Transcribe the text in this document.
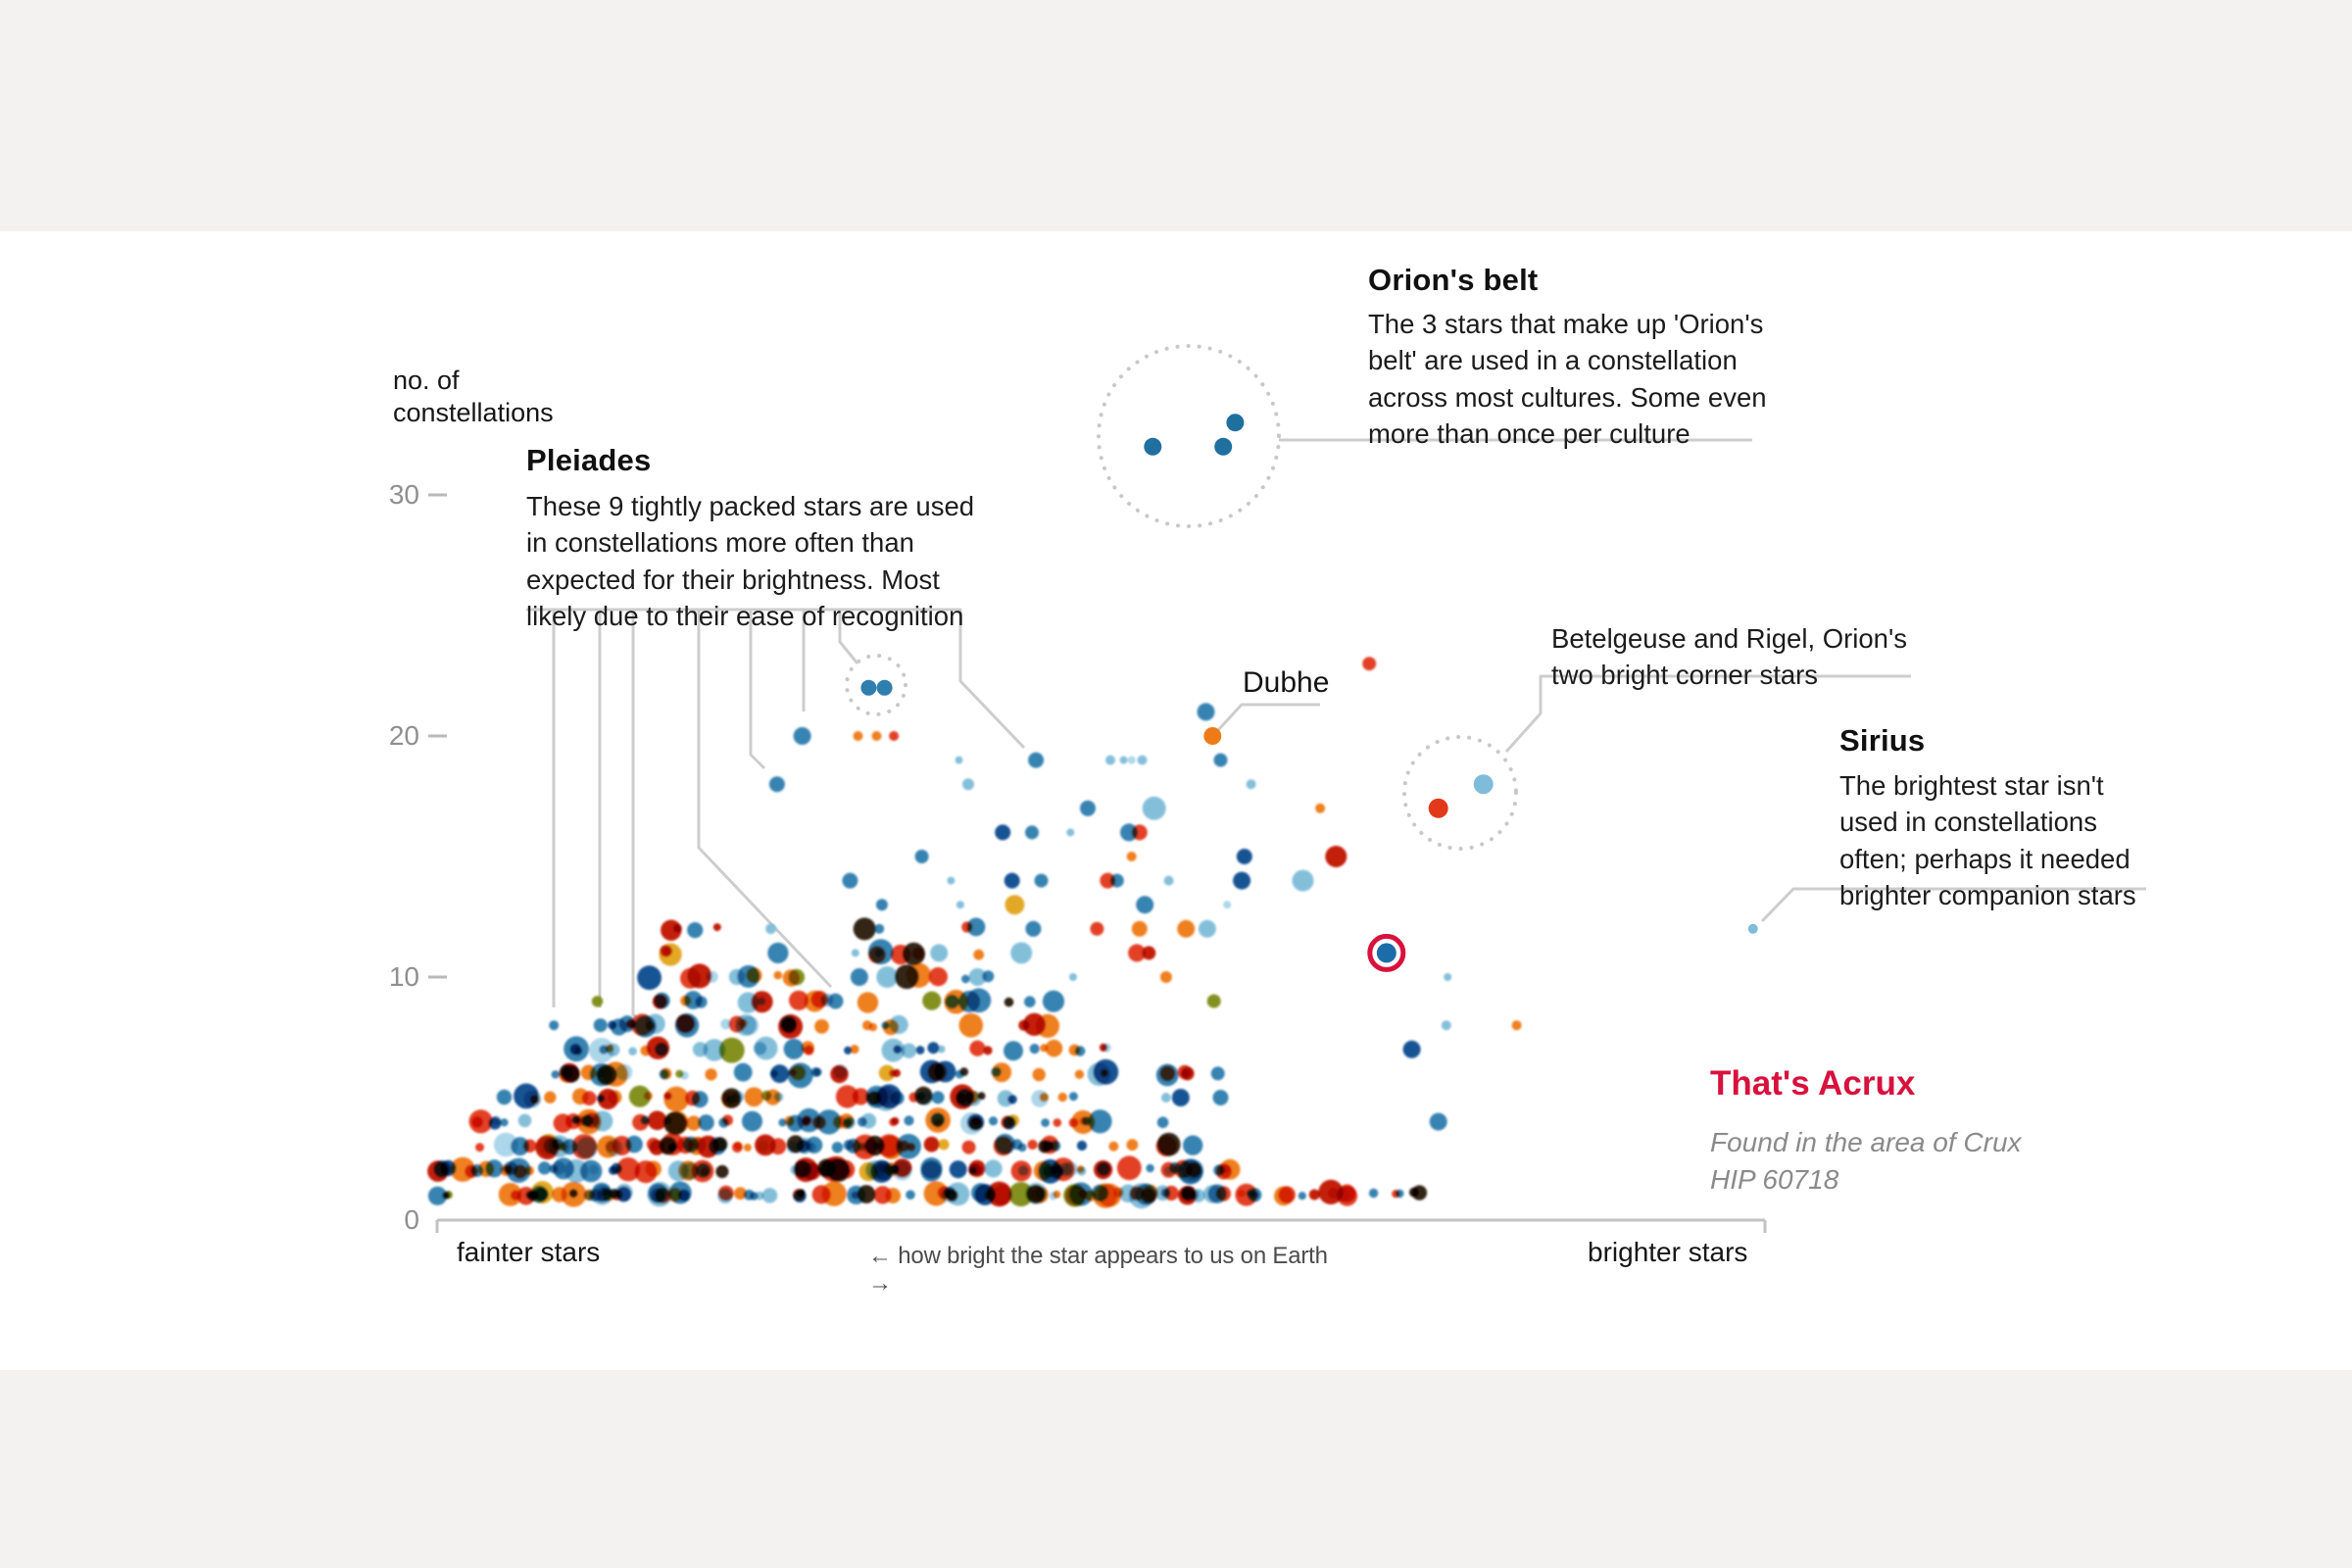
no. of
constellations
30
20
10
0
fainter stars	← how bright the star appears to us on Earth →
brighter stars
Pleiades
These 9 tightly packed stars are used in constellations more often than expected for their brightness. Most likely due to their ease of recognition
Orion's belt
The 3 stars that make up 'Orion's belt' are used in a constellation across most cultures. Some even more than once per culture
Betelgeuse and Rigel, Orion's two bright corner stars
Sirius
The brightest star isn't used in constellations often; perhaps it needed brighter companion stars
Dubhe
That's Acrux
Found in the area of Crux
HIP 60718
